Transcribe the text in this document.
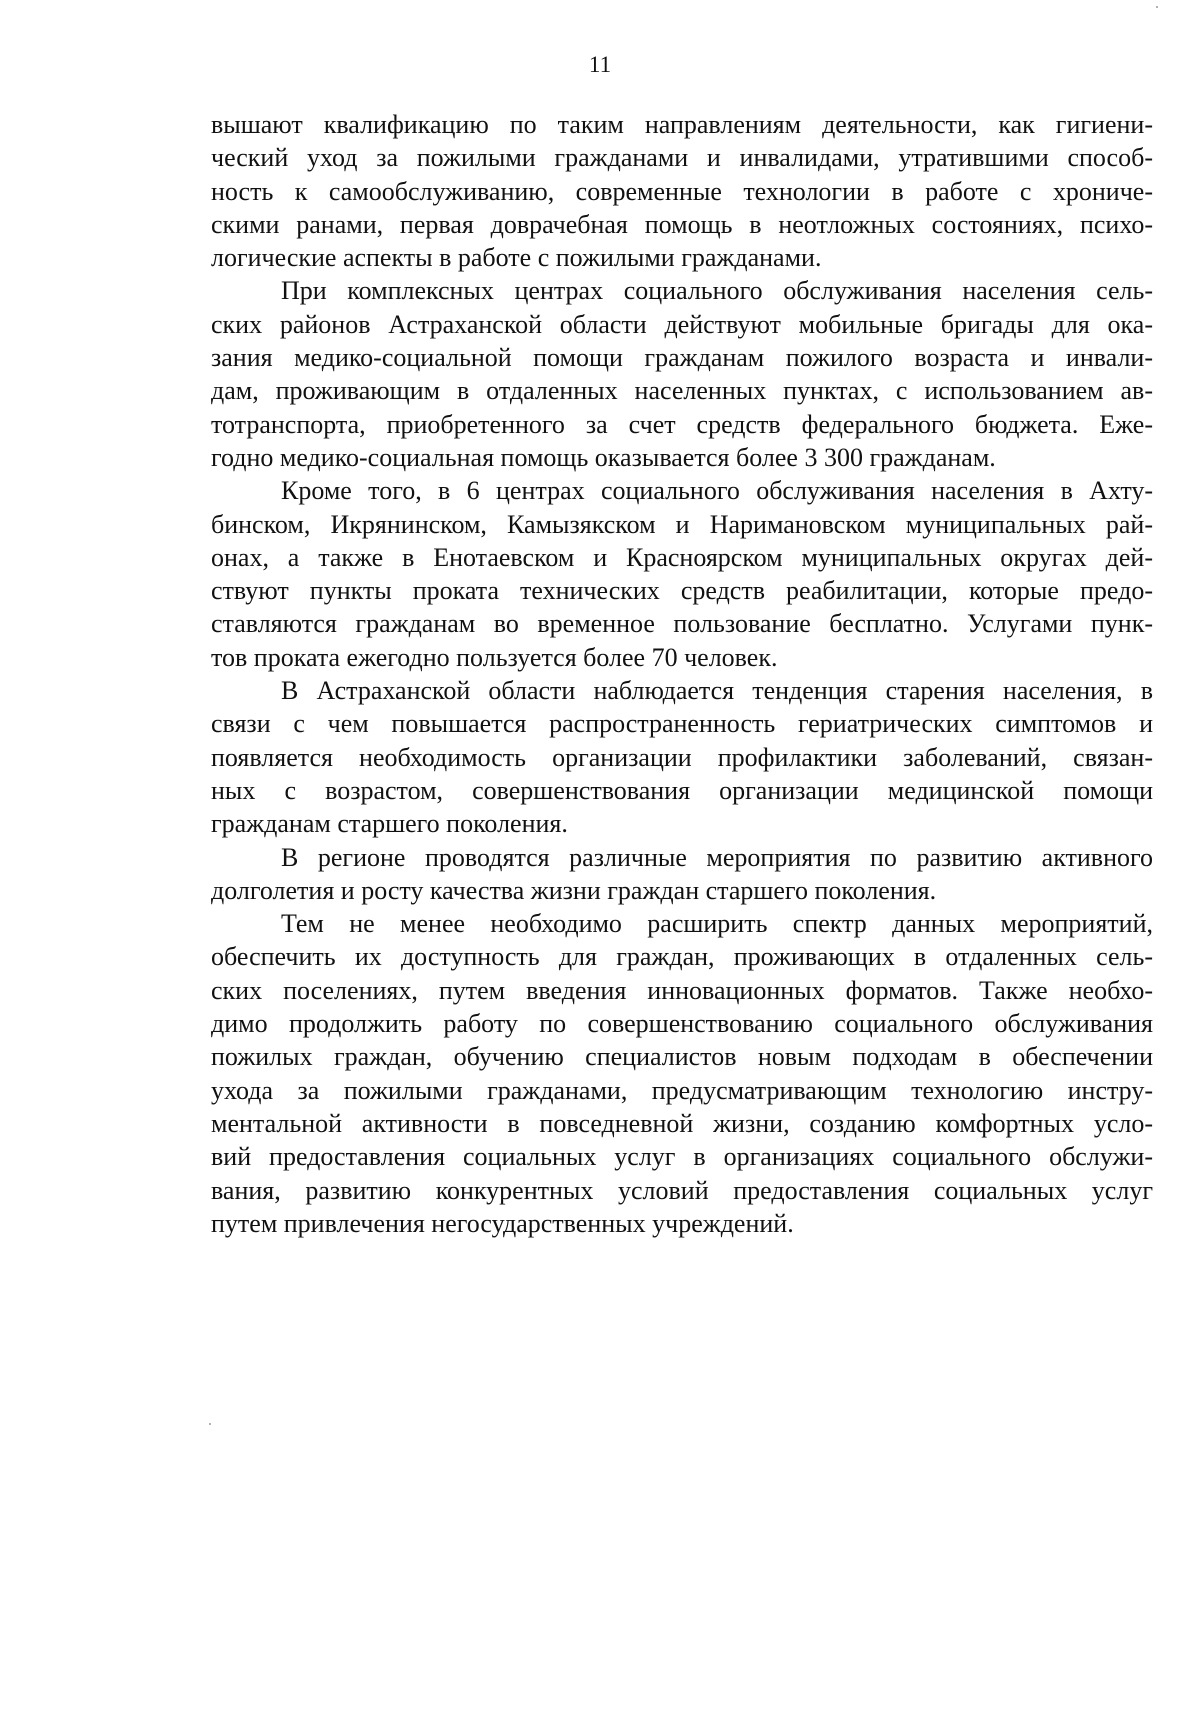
11

вышают квалификацию по таким направлениям деятельности, как гигиени-
ческий уход за пожилыми гражданами и инвалидами, утратившими способ-
ность к самообслуживанию, современные технологии в работе с хрониче-
скими ранами, первая доврачебная помощь в неотложных состояниях, психо-
логические аспекты в работе с пожилыми гражданами.

При комплексных центрах социального обслуживания населения сель-
ских районов Астраханской области действуют мобильные бригады для ока-
зания медико-социальной помощи гражданам пожилого возраста и инвали-
дам, проживающим в отдаленных населенных пунктах, с использованием ав-
тотранспорта, приобретенного за счет средств федерального бюджета. Еже-
годно медико-социальная помощь оказывается более 3 300 гражданам.

Кроме того, в 6 центрах социального обслуживания населения в Ахту-
бинском, Икрянинском, Камызякском и Наримановском муниципальных рай-
онах, а также в Енотаевском и Красноярском муниципальных округах дей-
ствуют пункты проката технических средств реабилитации, которые предо-
ставляются гражданам во временное пользование бесплатно. Услугами пунк-
тов проката ежегодно пользуется более 70 человек.

В Астраханской области наблюдается тенденция старения населения, в
связи с чем повышается распространенность гериатрических симптомов и
появляется необходимость организации профилактики заболеваний, связан-
ных с возрастом, совершенствования организации медицинской помощи
гражданам старшего поколения.

В регионе проводятся различные мероприятия по развитию активного
долголетия и росту качества жизни граждан старшего поколения.

Тем не менее необходимо расширить спектр данных мероприятий,
обеспечить их доступность для граждан, проживающих в отдаленных сель-
ских поселениях, путем введения инновационных форматов. Также необхо-
димо продолжить работу по совершенствованию социального обслуживания
пожилых граждан, обучению специалистов новым подходам в обеспечении
ухода за пожилыми гражданами, предусматривающим технологию инстру-
ментальной активности в повседневной жизни, созданию комфортных усло-
вий предоставления социальных услуг в организациях социального обслужи-
вания, развитию конкурентных условий предоставления социальных услуг
путем привлечения негосударственных учреждений.
